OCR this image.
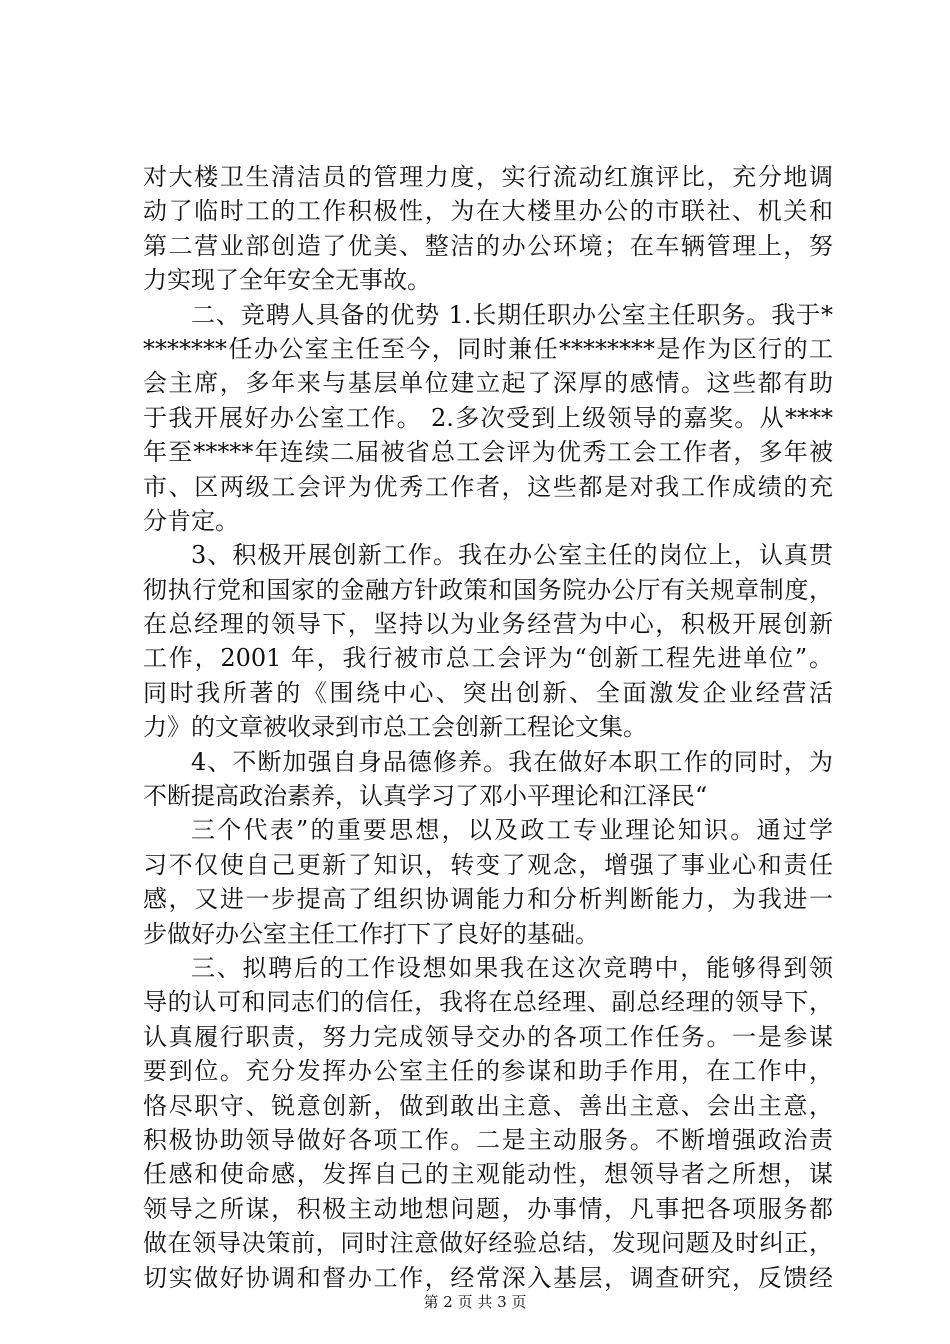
对大楼卫生清洁员的管理力度，实行流动红旗评比，充分地调
动了临时工的工作积极性，为在大楼里办公的市联社、机关和
第二营业部创造了优美、整洁的办公环境；在车辆管理上，努
力实现了全年安全无事故。
二、竞聘人具备的优势 1.长期任职办公室主任职务。我于*
*******任办公室主任至今，同时兼任********是作为区行的工
会主席，多年来与基层单位建立起了深厚的感情。这些都有助
于我开展好办公室工作。 2.多次受到上级领导的嘉奖。从****
年至*****年连续二届被省总工会评为优秀工会工作者，多年被
市、区两级工会评为优秀工作者，这些都是对我工作成绩的充
分肯定。
3、积极开展创新工作。我在办公室主任的岗位上，认真贯
彻执行党和国家的金融方针政策和国务院办公厅有关规章制度，
在总经理的领导下，坚持以为业务经营为中心，积极开展创新
工作，2001 年，我行被市总工会评为“创新工程先进单位”。
同时我所著的《围绕中心、突出创新、全面激发企业经营活
力》的文章被收录到市总工会创新工程论文集。
4、不断加强自身品德修养。我在做好本职工作的同时，为
不断提高政治素养，认真学习了邓小平理论和江泽民“
三个代表”的重要思想，以及政工专业理论知识。通过学
习不仅使自己更新了知识，转变了观念，增强了事业心和责任
感，又进一步提高了组织协调能力和分析判断能力，为我进一
步做好办公室主任工作打下了良好的基础。
三、拟聘后的工作设想如果我在这次竞聘中，能够得到领
导的认可和同志们的信任，我将在总经理、副总经理的领导下，
认真履行职责，努力完成领导交办的各项工作任务。一是参谋
要到位。充分发挥办公室主任的参谋和助手作用，在工作中，
恪尽职守、锐意创新，做到敢出主意、善出主意、会出主意，
积极协助领导做好各项工作。二是主动服务。不断增强政治责
任感和使命感，发挥自己的主观能动性，想领导者之所想，谋
领导之所谋，积极主动地想问题，办事情，凡事把各项服务都
做在领导决策前，同时注意做好经验总结，发现问题及时纠正，
切实做好协调和督办工作，经常深入基层，调查研究，反馈经
第 2 页 共 3 页
